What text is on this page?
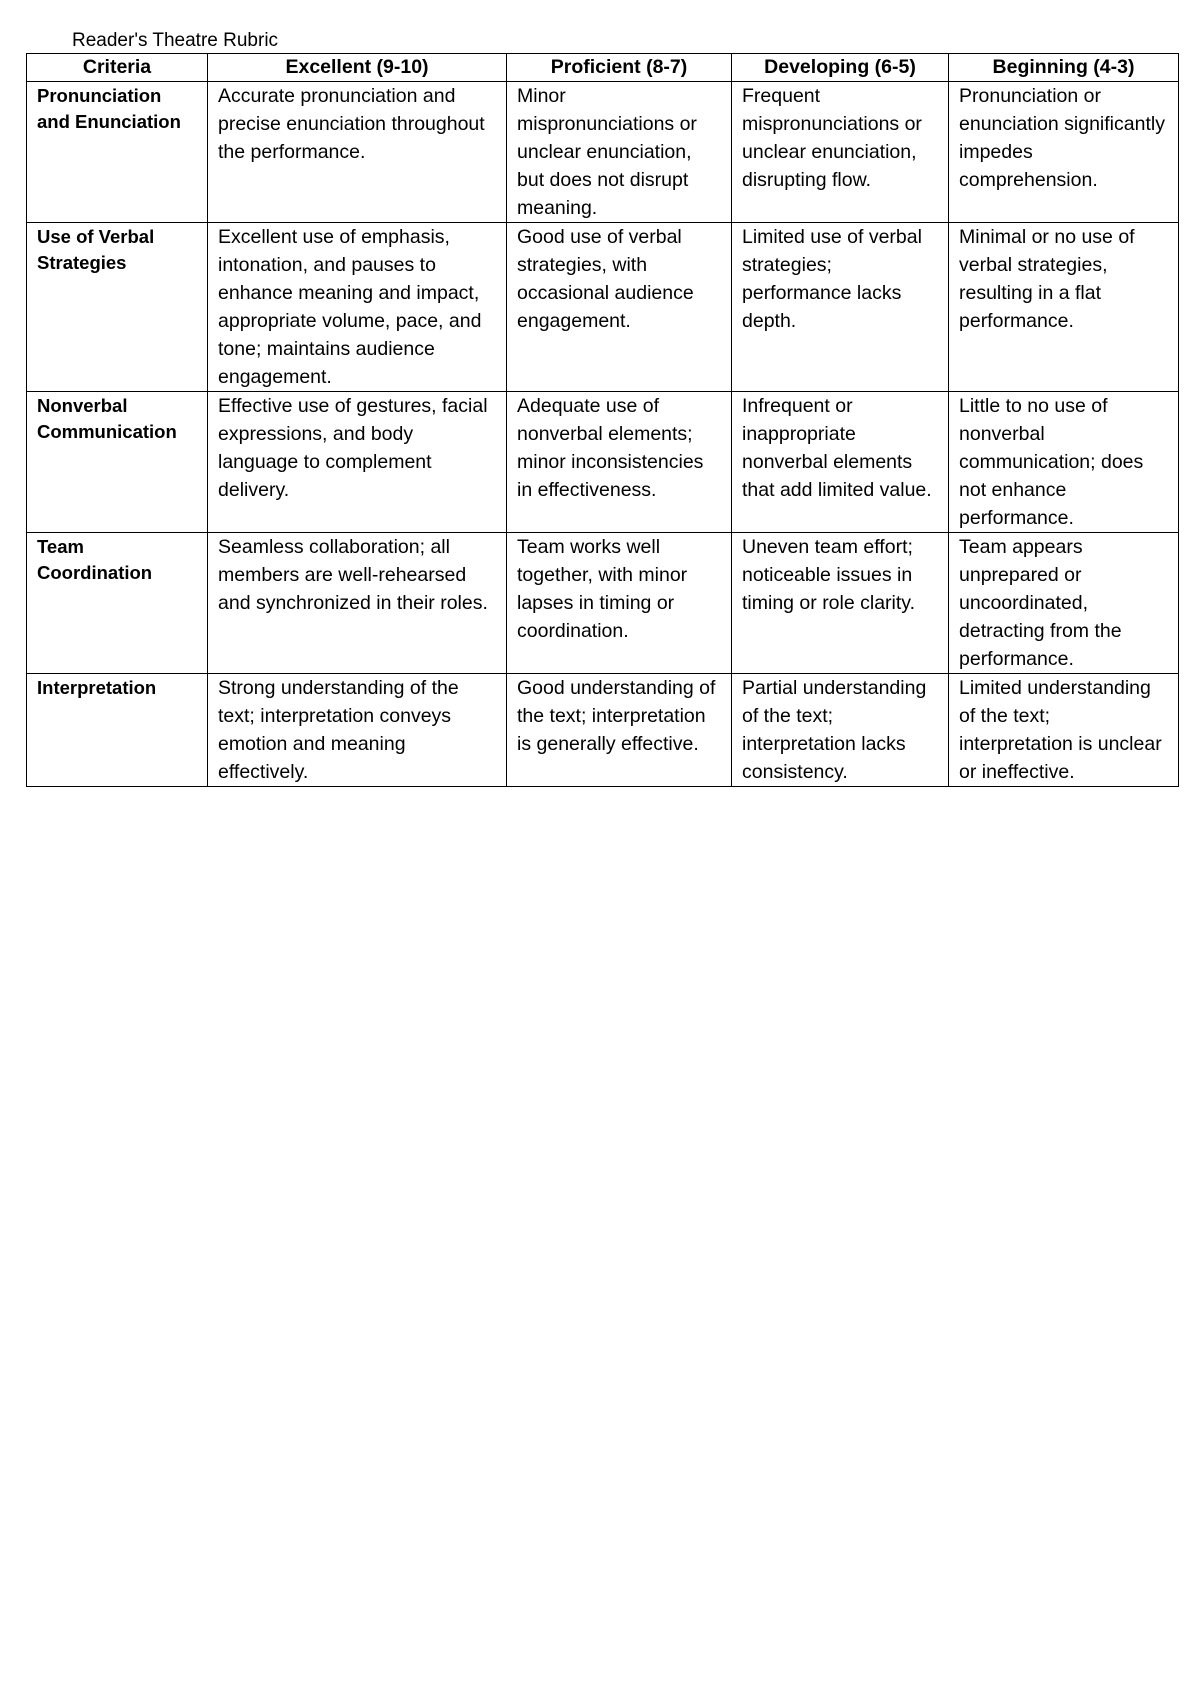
Reader's Theatre Rubric
Criteria	Excellent (9-10)	Proficient (8-7)	Developing (6-5)	Beginning (4-3)
Pronunciation and Enunciation	Accurate pronunciation and precise enunciation throughout the performance.	Minor mispronunciations or unclear enunciation, but does not disrupt meaning.	Frequent mispronunciations or unclear enunciation, disrupting flow.	Pronunciation or enunciation significantly impedes comprehension.
Use of Verbal Strategies	Excellent use of emphasis, intonation, and pauses to enhance meaning and impact, appropriate volume, pace, and tone; maintains audience engagement.	Good use of verbal strategies, with occasional audience engagement.	Limited use of verbal strategies; performance lacks depth.	Minimal or no use of verbal strategies, resulting in a flat performance.
Nonverbal Communication	Effective use of gestures, facial expressions, and body language to complement delivery.	Adequate use of nonverbal elements; minor inconsistencies in effectiveness.	Infrequent or inappropriate nonverbal elements that add limited value.	Little to no use of nonverbal communication; does not enhance performance.
Team Coordination	Seamless collaboration; all members are well-rehearsed and synchronized in their roles.	Team works well together, with minor lapses in timing or coordination.	Uneven team effort; noticeable issues in timing or role clarity.	Team appears unprepared or uncoordinated, detracting from the performance.
Interpretation	Strong understanding of the text; interpretation conveys emotion and meaning effectively.	Good understanding of the text; interpretation is generally effective.	Partial understanding of the text; interpretation lacks consistency.	Limited understanding of the text; interpretation is unclear or ineffective.
